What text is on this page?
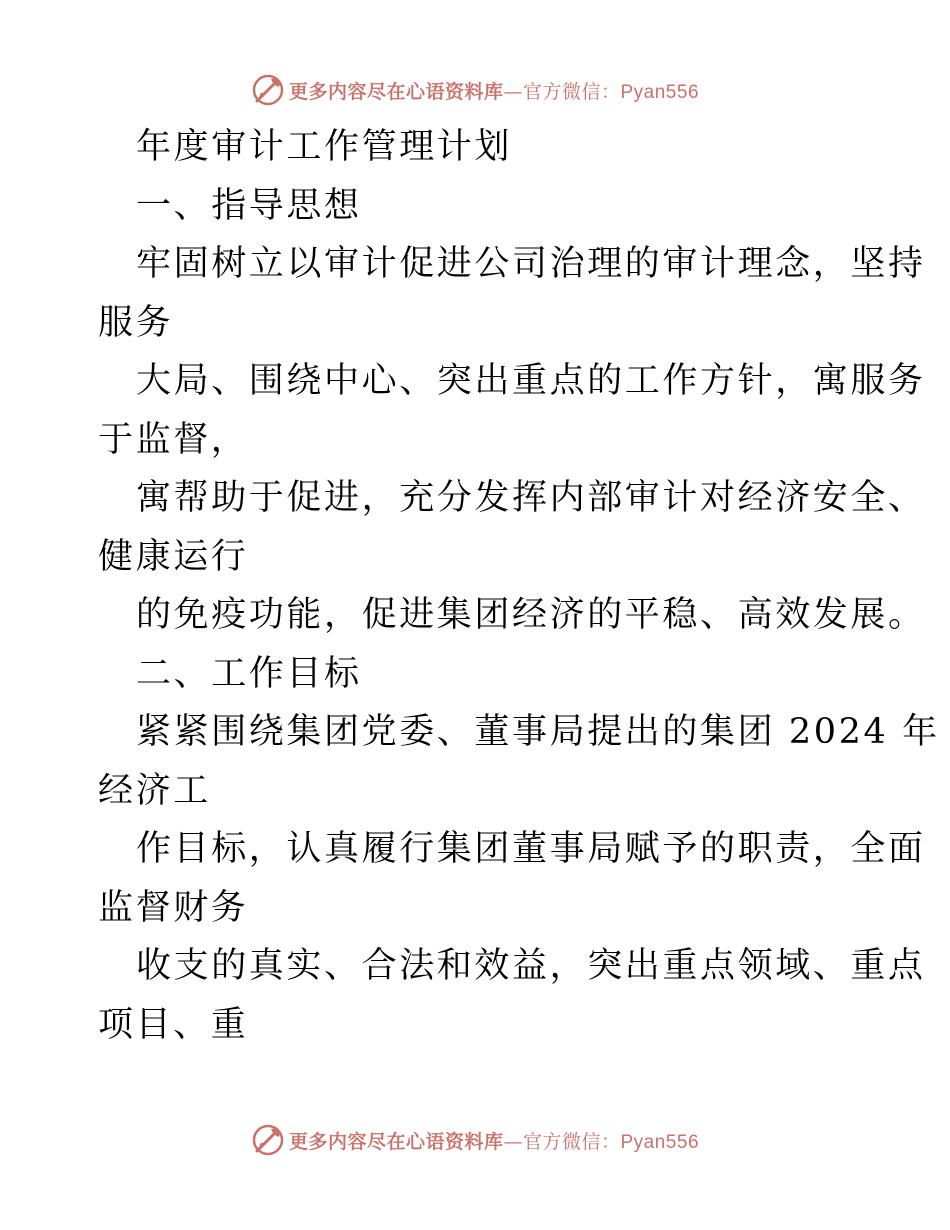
更多内容尽在心语资料库—官方微信：Pyan556
年度审计工作管理计划
一、指导思想
牢固树立以审计促进公司治理的审计理念，坚持
服务
大局、围绕中心、突出重点的工作方针，寓服务
于监督，
寓帮助于促进，充分发挥内部审计对经济安全、
健康运行
的免疫功能，促进集团经济的平稳、高效发展。
二、工作目标
紧紧围绕集团党委、董事局提出的集团 2024 年
经济工
作目标，认真履行集团董事局赋予的职责，全面
监督财务
收支的真实、合法和效益，突出重点领域、重点
项目、重
更多内容尽在心语资料库—官方微信：Pyan556
